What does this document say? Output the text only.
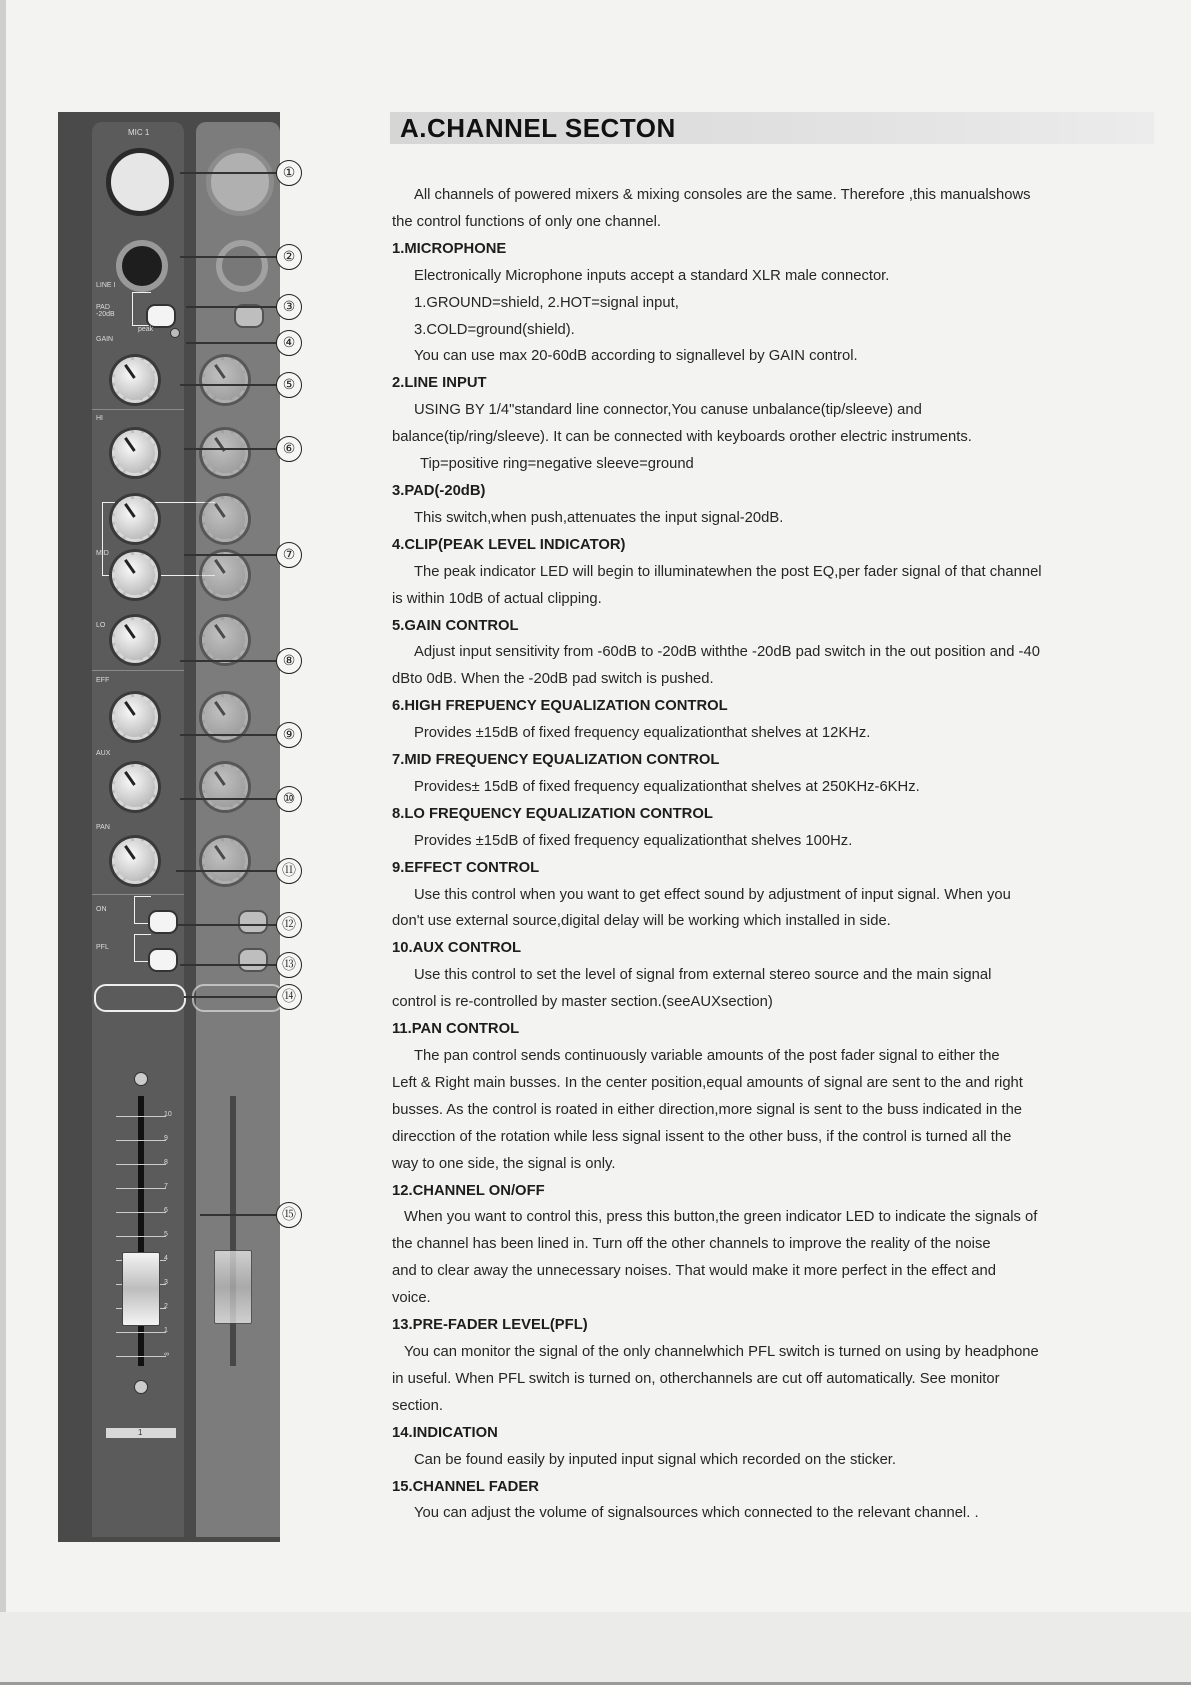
MIC 1
LINE I
PAD -20dB
GAIN
peak
HI
MID
LO
EFF
AUX
PAN
ON
PFL
10
9
8
7
6
5
4
3
2
1
∞
1
①
②
③
④
⑤
⑥
⑦
⑧
⑨
⑩
⑪
⑫
⑬
⑭
⑮
A.CHANNEL SECTON

All channels of powered mixers & mixing consoles are the same. Therefore ,this manualshows

the control functions of only one channel.

1.MICROPHONE

Electronically Microphone inputs accept a standard XLR male connector.

1.GROUND=shield, 2.HOT=signal input,

3.COLD=ground(shield).

You can use max 20-60dB according to signallevel by GAIN control.

2.LINE INPUT

USING BY 1/4"standard line connector,You canuse unbalance(tip/sleeve) and

balance(tip/ring/sleeve). It can be connected with keyboards orother electric instruments.

Tip=positive ring=negative sleeve=ground

3.PAD(-20dB)

This switch,when push,attenuates the input signal-20dB.

4.CLIP(PEAK LEVEL INDICATOR)

The peak indicator LED will begin to illuminatewhen the post EQ,per fader signal of that channel

is within 10dB of actual clipping.

5.GAIN CONTROL

Adjust input sensitivity from -60dB to -20dB withthe -20dB pad switch in the out position and -40

dBto 0dB. When the -20dB pad switch is pushed.

6.HIGH FREPUENCY EQUALIZATION CONTROL

Provides ±15dB of fixed frequency equalizationthat shelves at 12KHz.

7.MID FREQUENCY EQUALIZATION CONTROL

Provides± 15dB of fixed frequency equalizationthat shelves at 250KHz-6KHz.

8.LO FREQUENCY EQUALIZATION CONTROL

Provides ±15dB of fixed frequency equalizationthat shelves 100Hz.

9.EFFECT CONTROL

Use this control when you want to get effect sound by adjustment of input signal. When you

don't use external source,digital delay will be working which installed in side.

10.AUX CONTROL

Use this control to set the level of signal from external stereo source and the main signal

control is re-controlled by master section.(seeAUXsection)

11.PAN CONTROL

The pan control sends continuously variable amounts of the post fader signal to either the

Left & Right main busses. In the center position,equal amounts of signal are sent to the and right

busses. As the control is roated in either direction,more signal is sent to the buss indicated in the

direcction of the rotation while less signal issent to the other buss, if the control is turned all the

way to one side, the signal is only.

12.CHANNEL ON/OFF

When you want to control this, press this button,the green indicator LED to indicate the signals of

the channel has been lined in. Turn off the other channels to improve the reality of the noise

and to clear away the unnecessary noises. That would make it more perfect in the effect and

voice.

13.PRE-FADER LEVEL(PFL)

You can monitor the signal of the only channelwhich PFL switch is turned on using by headphone

in useful. When PFL switch is turned on, otherchannels are cut off automatically. See monitor

section.

14.INDICATION

Can be found easily by inputed input signal which recorded on the sticker.

15.CHANNEL FADER

You can adjust the volume of signalsources which connected to the relevant channel. .
